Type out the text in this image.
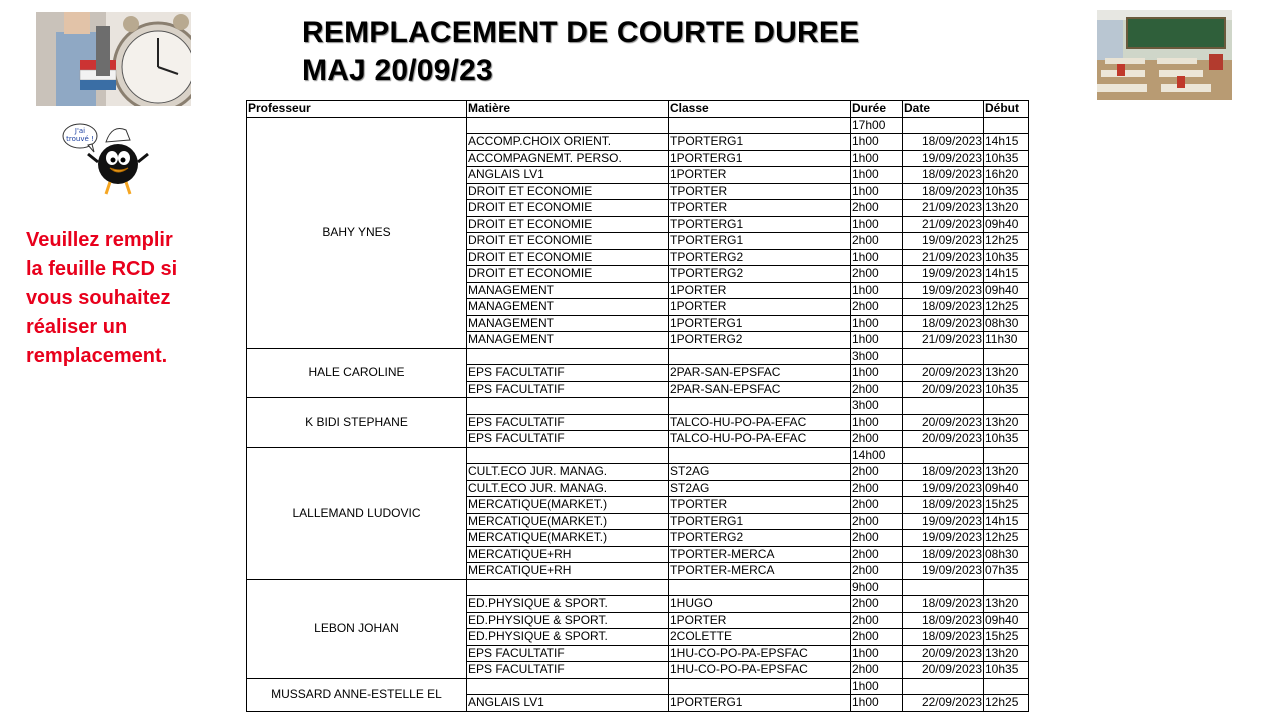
J'ai
trouvé !
REMPLACEMENT DE COURTE DUREE
MAJ 20/09/23
Veuillez remplir
la feuille RCD si
vous souhaitez
réaliser un
remplacement.
Professeur	Matière	Classe	Durée	Date	Début
BAHY YNES			17h00		
	ACCOMP.CHOIX ORIENT.	TPORTERG1	1h00	18/09/2023	14h15
	ACCOMPAGNEMT. PERSO.	1PORTERG1	1h00	19/09/2023	10h35
	ANGLAIS LV1	1PORTER	1h00	18/09/2023	16h20
	DROIT ET ECONOMIE	TPORTER	1h00	18/09/2023	10h35
	DROIT ET ECONOMIE	TPORTER	2h00	21/09/2023	13h20
	DROIT ET ECONOMIE	TPORTERG1	1h00	21/09/2023	09h40
	DROIT ET ECONOMIE	TPORTERG1	2h00	19/09/2023	12h25
	DROIT ET ECONOMIE	TPORTERG2	1h00	21/09/2023	10h35
	DROIT ET ECONOMIE	TPORTERG2	2h00	19/09/2023	14h15
	MANAGEMENT	1PORTER	1h00	19/09/2023	09h40
	MANAGEMENT	1PORTER	2h00	18/09/2023	12h25
	MANAGEMENT	1PORTERG1	1h00	18/09/2023	08h30
	MANAGEMENT	1PORTERG2	1h00	21/09/2023	11h30
HALE CAROLINE			3h00		
	EPS FACULTATIF	2PAR-SAN-EPSFAC	1h00	20/09/2023	13h20
	EPS FACULTATIF	2PAR-SAN-EPSFAC	2h00	20/09/2023	10h35
K BIDI STEPHANE			3h00		
	EPS FACULTATIF	TALCO-HU-PO-PA-EFAC	1h00	20/09/2023	13h20
	EPS FACULTATIF	TALCO-HU-PO-PA-EFAC	2h00	20/09/2023	10h35
LALLEMAND LUDOVIC			14h00		
	CULT.ECO JUR. MANAG.	ST2AG	2h00	18/09/2023	13h20
	CULT.ECO JUR. MANAG.	ST2AG	2h00	19/09/2023	09h40
	MERCATIQUE(MARKET.)	TPORTER	2h00	18/09/2023	15h25
	MERCATIQUE(MARKET.)	TPORTERG1	2h00	19/09/2023	14h15
	MERCATIQUE(MARKET.)	TPORTERG2	2h00	19/09/2023	12h25
	MERCATIQUE+RH	TPORTER-MERCA	2h00	18/09/2023	08h30
	MERCATIQUE+RH	TPORTER-MERCA	2h00	19/09/2023	07h35
LEBON JOHAN			9h00		
	ED.PHYSIQUE & SPORT.	1HUGO	2h00	18/09/2023	13h20
	ED.PHYSIQUE & SPORT.	1PORTER	2h00	18/09/2023	09h40
	ED.PHYSIQUE & SPORT.	2COLETTE	2h00	18/09/2023	15h25
	EPS FACULTATIF	1HU-CO-PO-PA-EPSFAC	1h00	20/09/2023	13h20
	EPS FACULTATIF	1HU-CO-PO-PA-EPSFAC	2h00	20/09/2023	10h35
MUSSARD ANNE-ESTELLE EL			1h00		
	ANGLAIS LV1	1PORTERG1	1h00	22/09/2023	12h25
